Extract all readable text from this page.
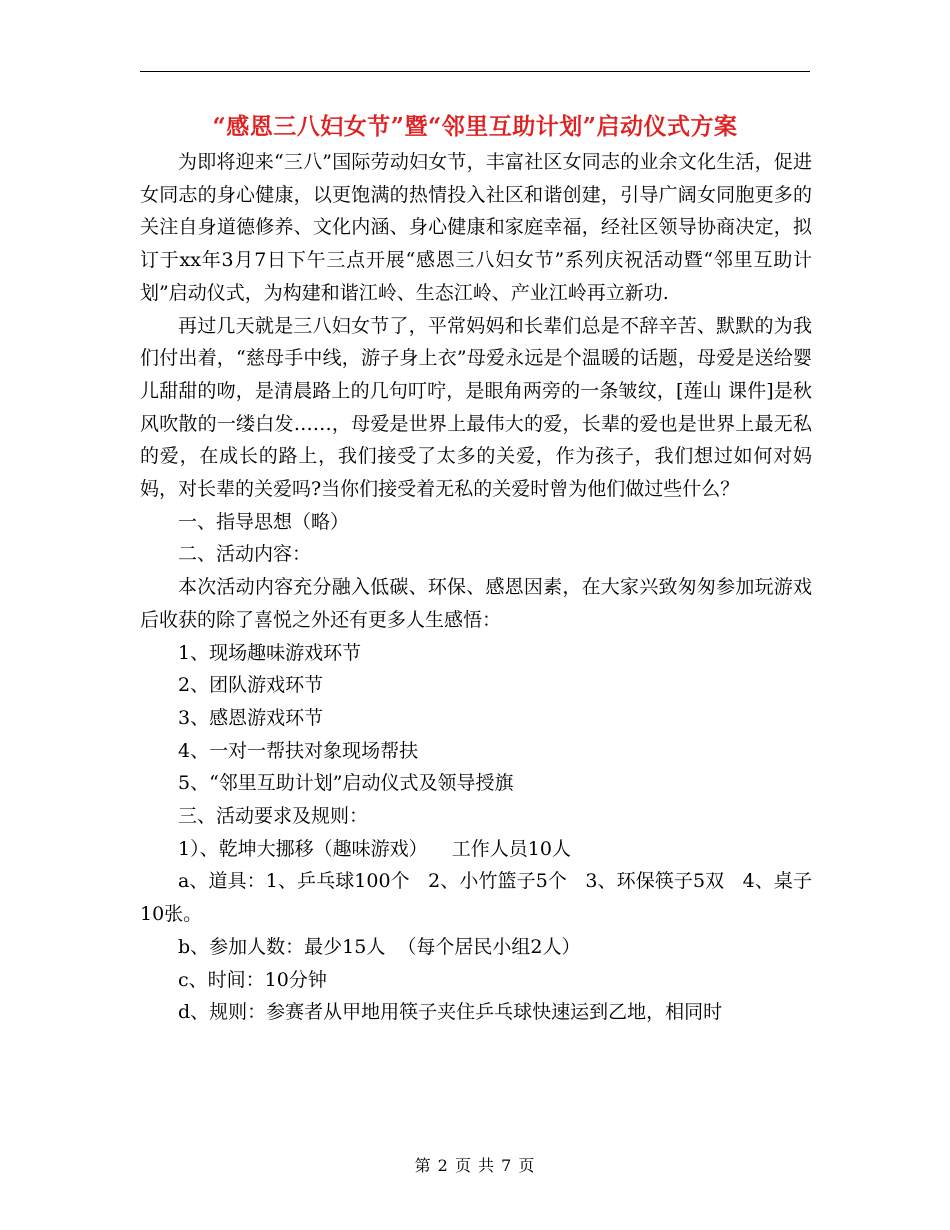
“感恩三八妇女节”暨“邻里互助计划”启动仪式方案

为即将迎来“三八”国际劳动妇女节，丰富社区女同志的业余文化生活，促进女同志的身心健康，以更饱满的热情投入社区和谐创建，引导广阔女同胞更多的关注自身道德修养、文化内涵、身心健康和家庭幸福，经社区领导协商决定，拟订于xx年3月7日下午三点开展“感恩三八妇女节”系列庆祝活动暨“邻里互助计划”启动仪式，为构建和谐江岭、生态江岭、产业江岭再立新功.

再过几天就是三八妇女节了，平常妈妈和长辈们总是不辞辛苦、默默的为我们付出着，“慈母手中线，游子身上衣”母爱永远是个温暖的话题，母爱是送给婴儿甜甜的吻，是清晨路上的几句叮咛，是眼角两旁的一条皱纹，[莲山 课件]是秋风吹散的一缕白发……，母爱是世界上最伟大的爱，长辈的爱也是世界上最无私的爱，在成长的路上，我们接受了太多的关爱，作为孩子，我们想过如何对妈妈，对长辈的关爱吗?当你们接受着无私的关爱时曾为他们做过些什么？

一、指导思想（略）

二、活动内容：

本次活动内容充分融入低碳、环保、感恩因素，在大家兴致匆匆参加玩游戏后收获的除了喜悦之外还有更多人生感悟：

1、现场趣味游戏环节

2、团队游戏环节

3、感恩游戏环节

4、一对一帮扶对象现场帮扶

5、“邻里互助计划”启动仪式及领导授旗

三、活动要求及规则：

1）、乾坤大挪移（趣味游戏）    工作人员10人

a、道具：1、乒乓球100个   2、小竹篮子5个   3、环保筷子5双   4、桌子10张。

b、参加人数：最少15人  （每个居民小组2人）

c、时间：10分钟

d、规则：参赛者从甲地用筷子夹住乒乓球快速运到乙地，相同时

第 2 页 共 7 页
